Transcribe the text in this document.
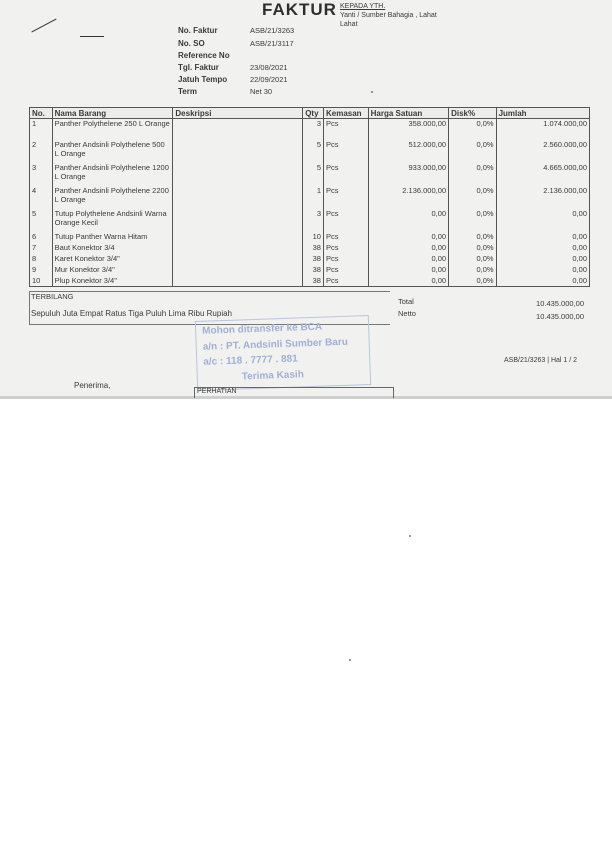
FAKTUR KEPADA YTH.
Yanti / Sumber Bahagia , Lahat
Lahat
No. Faktur	ASB/21/3263
No. SO	ASB/21/3117
Reference No
Tgl. Faktur	23/08/2021
Jatuh Tempo	22/09/2021
Term	Net 30
No.	Nama Barang	Deskripsi	Qty	Kemasan	Harga Satuan	Disk%	Jumlah
1	Panther Polythelene 250 L Orange		3	Pcs	358.000,00	0,0%	1.074.000,00
2	Panther Andsinli Polythelene 500 L Orange		5	Pcs	512.000,00	0,0%	2.560.000,00
3	Panther Andsinli Polythelene 1200 L Orange		5	Pcs	933.000,00	0,0%	4.665.000,00
4	Panther Andsinli Polythelene 2200 L Orange		1	Pcs	2.136.000,00	0,0%	2.136.000,00
5	Tutup Polythelene Andsinli Warna Orange Kecil		3	Pcs	0,00	0,0%	0,00
6	Tutup Panther Warna Hitam		10	Pcs	0,00	0,0%	0,00
7	Baut Konektor 3/4		38	Pcs	0,00	0,0%	0,00
8	Karet Konektor 3/4"		38	Pcs	0,00	0,0%	0,00
9	Mur Konektor 3/4"		38	Pcs	0,00	0,0%	0,00
10	Plup Konektor 3/4"		38	Pcs	0,00	0,0%	0,00
TERBILANG
Sepuluh Juta Empat Ratus Tiga Puluh Lima Ribu Rupiah
Total	10.435.000,00
Netto	10.435.000,00
Mohon ditransfer ke BCA
a/n : PT. Andsinli Sumber Baru
a/c : 118 . 7777 . 881
Terima Kasih
ASB/21/3263 | Hal 1 / 2
Penerima,
PERHATIAN
